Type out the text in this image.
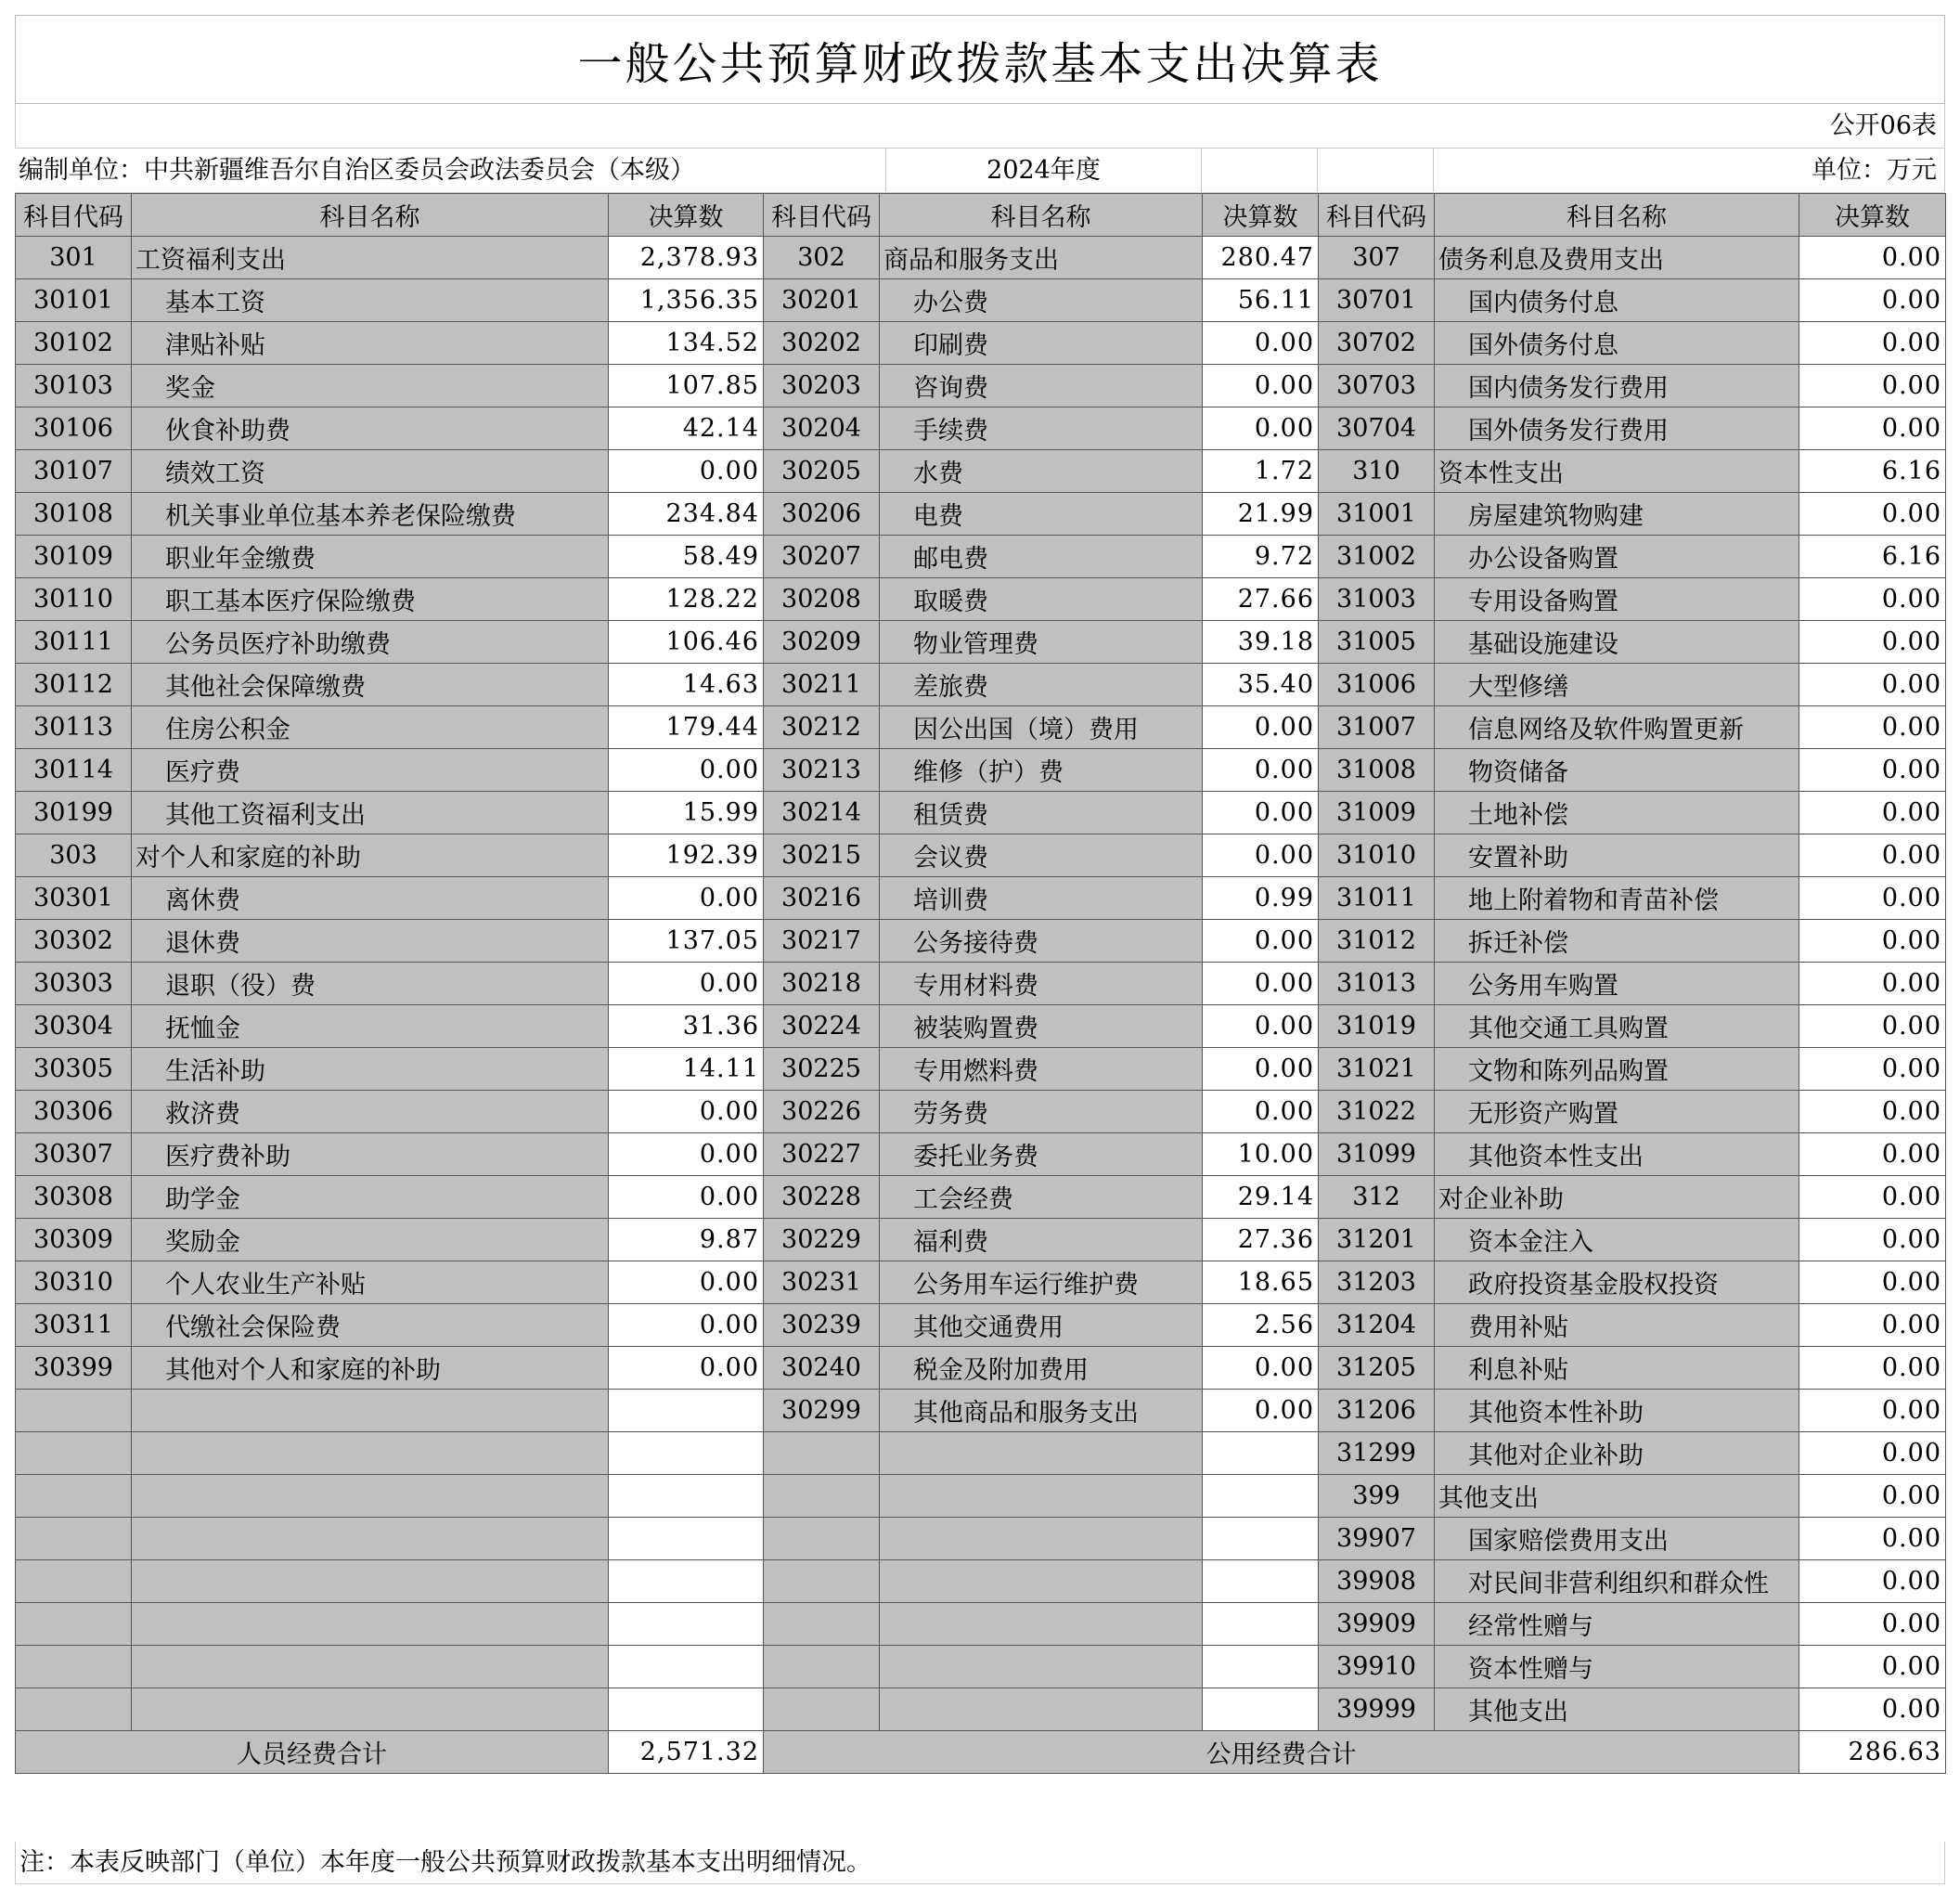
一般公共预算财政拨款基本支出决算表
公开06表
编制单位：中共新疆维吾尔自治区委员会政法委员会（本级）	2024年度	单位：万元
科目代码	科目名称	决算数	科目代码	科目名称	决算数	科目代码	科目名称	决算数
301	工资福利支出	2,378.93	302	商品和服务支出	280.47	307	债务利息及费用支出	0.00
30101	基本工资	1,356.35	30201	办公费	56.11	30701	国内债务付息	0.00
30102	津贴补贴	134.52	30202	印刷费	0.00	30702	国外债务付息	0.00
30103	奖金	107.85	30203	咨询费	0.00	30703	国内债务发行费用	0.00
30106	伙食补助费	42.14	30204	手续费	0.00	30704	国外债务发行费用	0.00
30107	绩效工资	0.00	30205	水费	1.72	310	资本性支出	6.16
30108	机关事业单位基本养老保险缴费	234.84	30206	电费	21.99	31001	房屋建筑物购建	0.00
30109	职业年金缴费	58.49	30207	邮电费	9.72	31002	办公设备购置	6.16
30110	职工基本医疗保险缴费	128.22	30208	取暖费	27.66	31003	专用设备购置	0.00
30111	公务员医疗补助缴费	106.46	30209	物业管理费	39.18	31005	基础设施建设	0.00
30112	其他社会保障缴费	14.63	30211	差旅费	35.40	31006	大型修缮	0.00
30113	住房公积金	179.44	30212	因公出国（境）费用	0.00	31007	信息网络及软件购置更新	0.00
30114	医疗费	0.00	30213	维修（护）费	0.00	31008	物资储备	0.00
30199	其他工资福利支出	15.99	30214	租赁费	0.00	31009	土地补偿	0.00
303	对个人和家庭的补助	192.39	30215	会议费	0.00	31010	安置补助	0.00
30301	离休费	0.00	30216	培训费	0.99	31011	地上附着物和青苗补偿	0.00
30302	退休费	137.05	30217	公务接待费	0.00	31012	拆迁补偿	0.00
30303	退职（役）费	0.00	30218	专用材料费	0.00	31013	公务用车购置	0.00
30304	抚恤金	31.36	30224	被装购置费	0.00	31019	其他交通工具购置	0.00
30305	生活补助	14.11	30225	专用燃料费	0.00	31021	文物和陈列品购置	0.00
30306	救济费	0.00	30226	劳务费	0.00	31022	无形资产购置	0.00
30307	医疗费补助	0.00	30227	委托业务费	10.00	31099	其他资本性支出	0.00
30308	助学金	0.00	30228	工会经费	29.14	312	对企业补助	0.00
30309	奖励金	9.87	30229	福利费	27.36	31201	资本金注入	0.00
30310	个人农业生产补贴	0.00	30231	公务用车运行维护费	18.65	31203	政府投资基金股权投资	0.00
30311	代缴社会保险费	0.00	30239	其他交通费用	2.56	31204	费用补贴	0.00
30399	其他对个人和家庭的补助	0.00	30240	税金及附加费用	0.00	31205	利息补贴	0.00
			30299	其他商品和服务支出	0.00	31206	其他资本性补助	0.00
						31299	其他对企业补助	0.00
						399	其他支出	0.00
						39907	国家赔偿费用支出	0.00
						39908	对民间非营利组织和群众性	0.00
						39909	经常性赠与	0.00
						39910	资本性赠与	0.00
						39999	其他支出	0.00
人员经费合计		2,571.32	公用经费合计					286.63
注：本表反映部门（单位）本年度一般公共预算财政拨款基本支出明细情况。
